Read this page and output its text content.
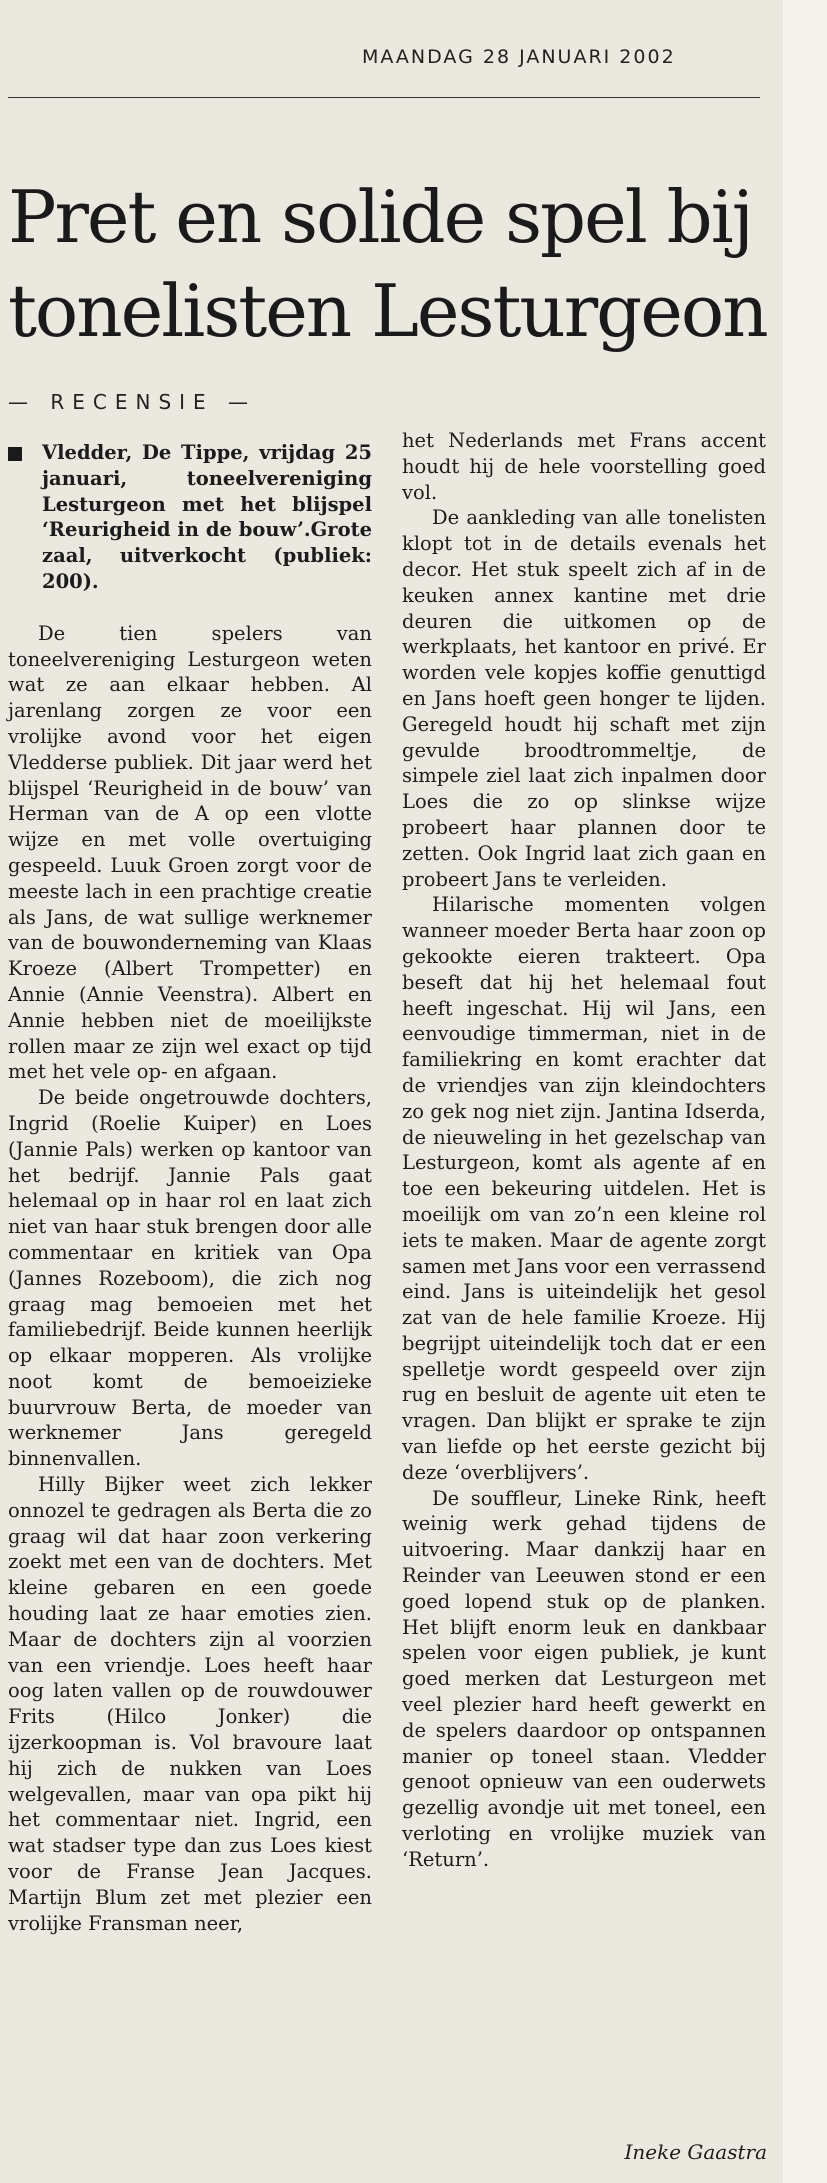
MAANDAG 28 JANUARI 2002
Pret en solide spel bij
tonelisten Lesturgeon
— RECENSIE —
Vledder, De Tippe, vrijdag 25 januari, toneelvereniging Lesturgeon met het blijspel ‘Reurigheid in de bouw’.Grote zaal, uitverkocht (publiek: 200).

De tien spelers van toneelvereniging Lesturgeon weten wat ze aan elkaar hebben. Al jarenlang zorgen ze voor een vrolijke avond voor het eigen Vledderse publiek. Dit jaar werd het blijspel ‘Reurigheid in de bouw’ van Herman van de A op een vlotte wijze en met volle overtuiging gespeeld. Luuk Groen zorgt voor de meeste lach in een prachtige creatie als Jans, de wat sullige werknemer van de bouwonderneming van Klaas Kroeze (Albert Trompetter) en Annie (Annie Veenstra). Albert en Annie hebben niet de moeilijkste rollen maar ze zijn wel exact op tijd met het vele op- en afgaan.

De beide ongetrouwde dochters, Ingrid (Roelie Kuiper) en Loes (Jannie Pals) werken op kantoor van het bedrijf. Jannie Pals gaat helemaal op in haar rol en laat zich niet van haar stuk brengen door alle commentaar en kritiek van Opa (Jannes Rozeboom), die zich nog graag mag bemoeien met het familiebedrijf. Beide kunnen heerlijk op elkaar mopperen. Als vrolijke noot komt de bemoeizieke buurvrouw Berta, de moeder van werknemer Jans geregeld binnenvallen.

Hilly Bijker weet zich lekker onnozel te gedragen als Berta die zo graag wil dat haar zoon verkering zoekt met een van de dochters. Met kleine gebaren en een goede houding laat ze haar emoties zien. Maar de dochters zijn al voorzien van een vriendje. Loes heeft haar oog laten vallen op de rouwdouwer Frits (Hilco Jonker) die ijzerkoopman is. Vol bravoure laat hij zich de nukken van Loes welgevallen, maar van opa pikt hij het commentaar niet. Ingrid, een wat stadser type dan zus Loes kiest voor de Franse Jean Jacques. Martijn Blum zet met plezier een vrolijke Fransman neer,

het Nederlands met Frans accent houdt hij de hele voorstelling goed vol.

De aankleding van alle tonelisten klopt tot in de details evenals het decor. Het stuk speelt zich af in de keuken annex kantine met drie deuren die uitkomen op de werkplaats, het kantoor en privé. Er worden vele kopjes koffie genuttigd en Jans hoeft geen honger te lijden. Geregeld houdt hij schaft met zijn gevulde broodtrommeltje, de simpele ziel laat zich inpalmen door Loes die zo op slinkse wijze probeert haar plannen door te zetten. Ook Ingrid laat zich gaan en probeert Jans te verleiden.

Hilarische momenten volgen wanneer moeder Berta haar zoon op gekookte eieren trakteert. Opa beseft dat hij het helemaal fout heeft ingeschat. Hij wil Jans, een eenvoudige timmerman, niet in de familiekring en komt erachter dat de vriendjes van zijn kleindochters zo gek nog niet zijn. Jantina Idserda, de nieuweling in het gezelschap van Lesturgeon, komt als agente af en toe een bekeuring uitdelen. Het is moeilijk om van zo’n een kleine rol iets te maken. Maar de agente zorgt samen met Jans voor een verrassend eind. Jans is uiteindelijk het gesol zat van de hele familie Kroeze. Hij begrijpt uiteindelijk toch dat er een spelletje wordt gespeeld over zijn rug en besluit de agente uit eten te vragen. Dan blijkt er sprake te zijn van liefde op het eerste gezicht bij deze ‘overblijvers’.

De souffleur, Lineke Rink, heeft weinig werk gehad tijdens de uitvoering. Maar dankzij haar en Reinder van Leeuwen stond er een goed lopend stuk op de planken. Het blijft enorm leuk en dankbaar spelen voor eigen publiek, je kunt goed merken dat Lesturgeon met veel plezier hard heeft gewerkt en de spelers daardoor op ontspannen manier op toneel staan. Vledder genoot opnieuw van een ouderwets gezellig avondje uit met toneel, een verloting en vrolijke muziek van ‘Return’.

Ineke Gaastra
